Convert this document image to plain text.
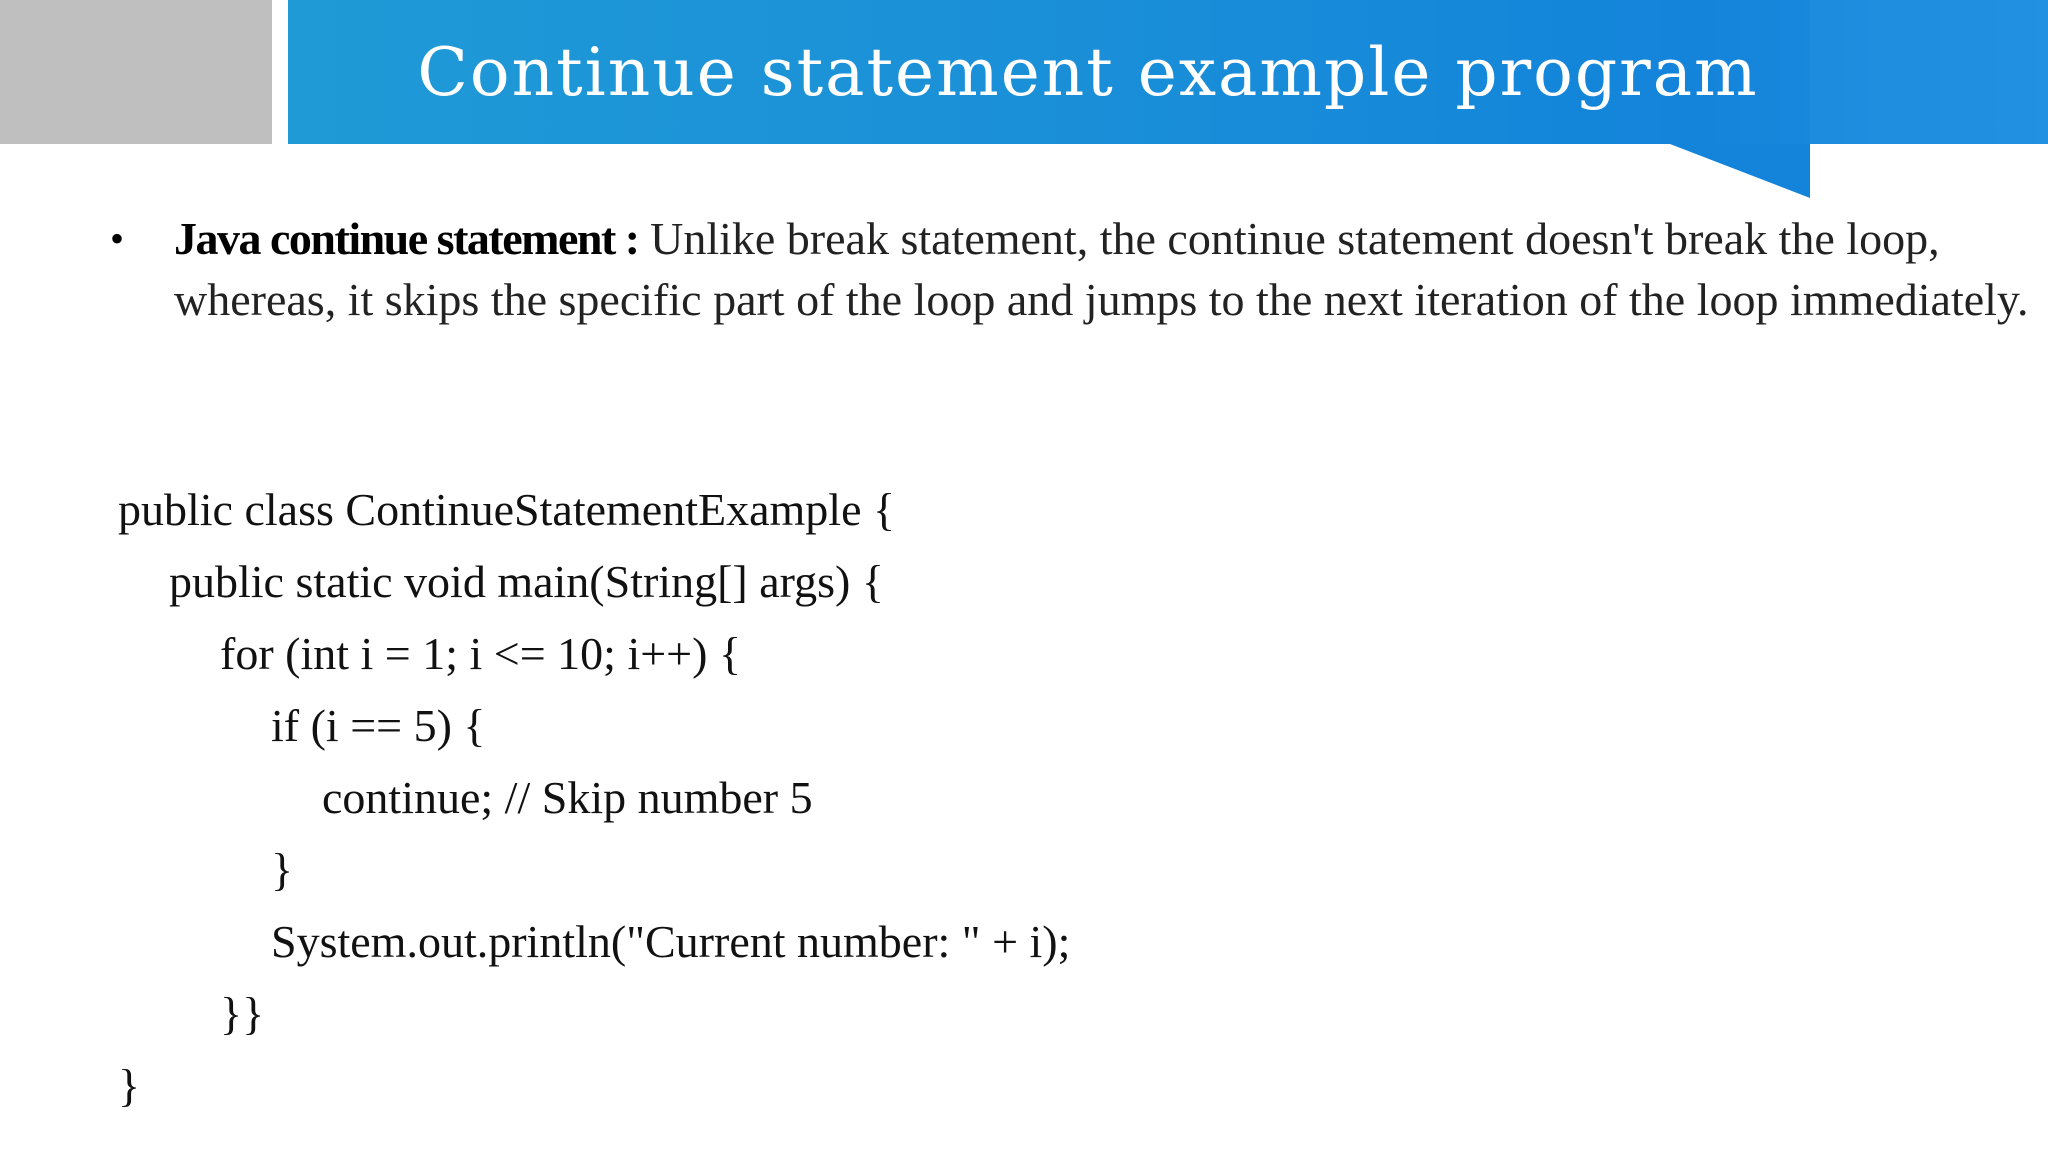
Continue statement example program
•	Java continue statement : Unlike break statement, the continue statement doesn't break the loop, whereas, it skips the specific part of the loop and jumps to the next iteration of the loop immediately.
public class ContinueStatementExample {
public static void main(String[] args) {
for (int i = 1; i <= 10; i++) {
if (i == 5) {
continue; // Skip number 5
}
System.out.println("Current number: " + i);
}}
}
